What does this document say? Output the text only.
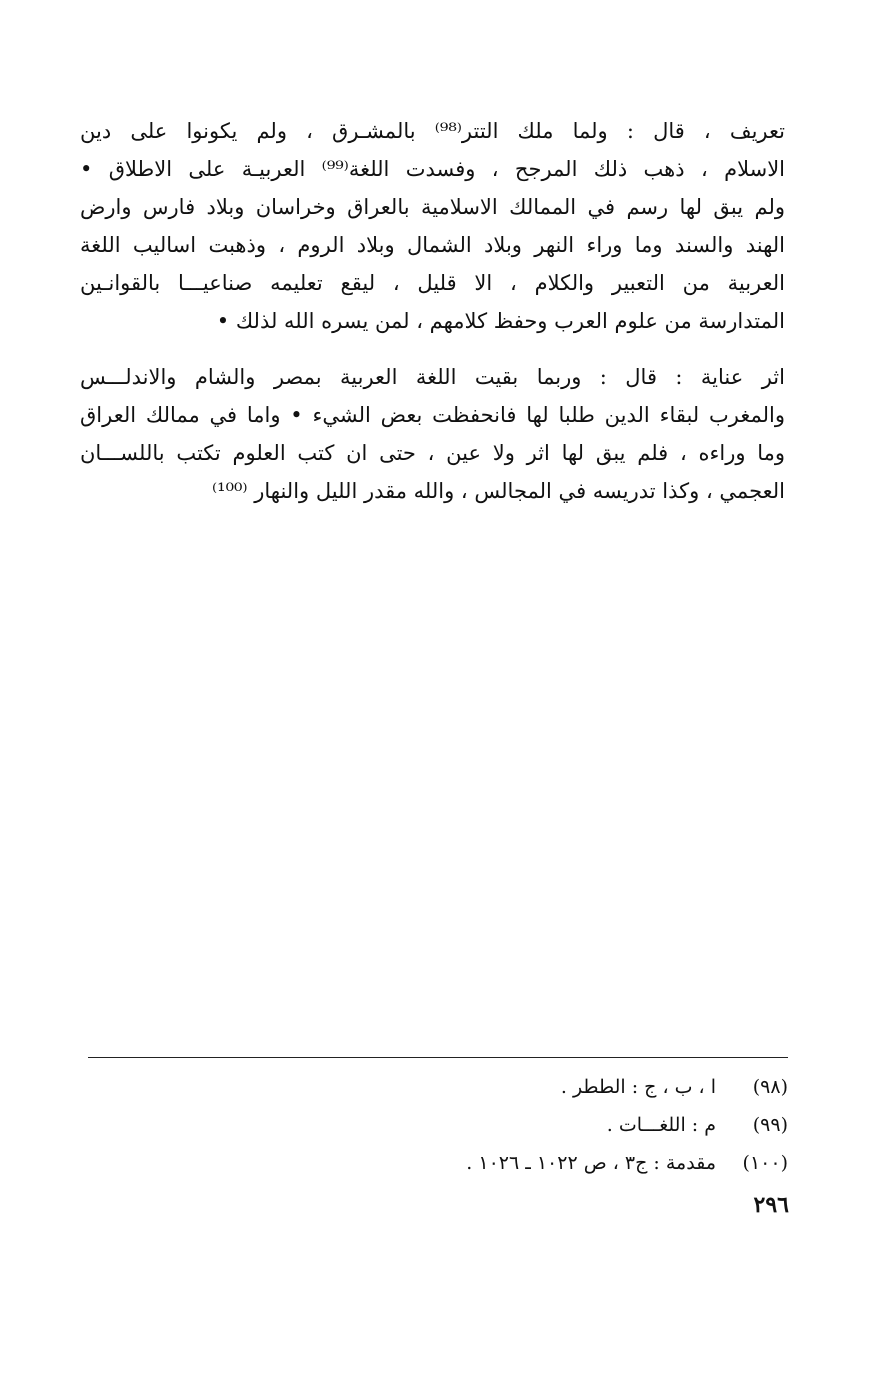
تعريف ، قال : ولما ملك التتر⁽⁹⁸⁾ بالمشـرق ، ولم يكونوا على دين
الاسلام ، ذهب ذلك المرجح ، وفسدت اللغة⁽⁹⁹⁾ العربيـة على الاطلاق •
ولم يبق لها رسم في الممالك الاسلامية بالعراق وخراسان وبلاد فارس وارض
الهند والسند وما وراء النهر وبلاد الشمال وبلاد الروم ، وذهبت اساليب اللغة
العربية من التعبير والكلام ، الا قليل ، ليقع تعليمه صناعيـــا بالقوانـين
المتدارسة من علوم العرب وحفظ كلامهم ، لمن يسره الله لذلك •
اثر عناية : قال : وربما بقيت اللغة العربية بمصر والشام والاندلـــس
والمغرب لبقاء الدين طلبا لها فانحفظت بعض الشيء • واما في ممالك العراق
وما وراءه ، فلم يبق لها اثر ولا عين ، حتى ان كتب العلوم تكتب باللســـان
العجمي ، وكذا تدريسه في المجالس ، والله مقدر الليل والنهار ⁽¹⁰⁰⁾
(٩٨)
ا ، ب ، ج : الططر .
(٩٩)
م : اللغـــات .
(١٠٠)
مقدمة : ج٣ ، ص ١٠٢٢ ـ ١٠٢٦ .
٢٩٦
